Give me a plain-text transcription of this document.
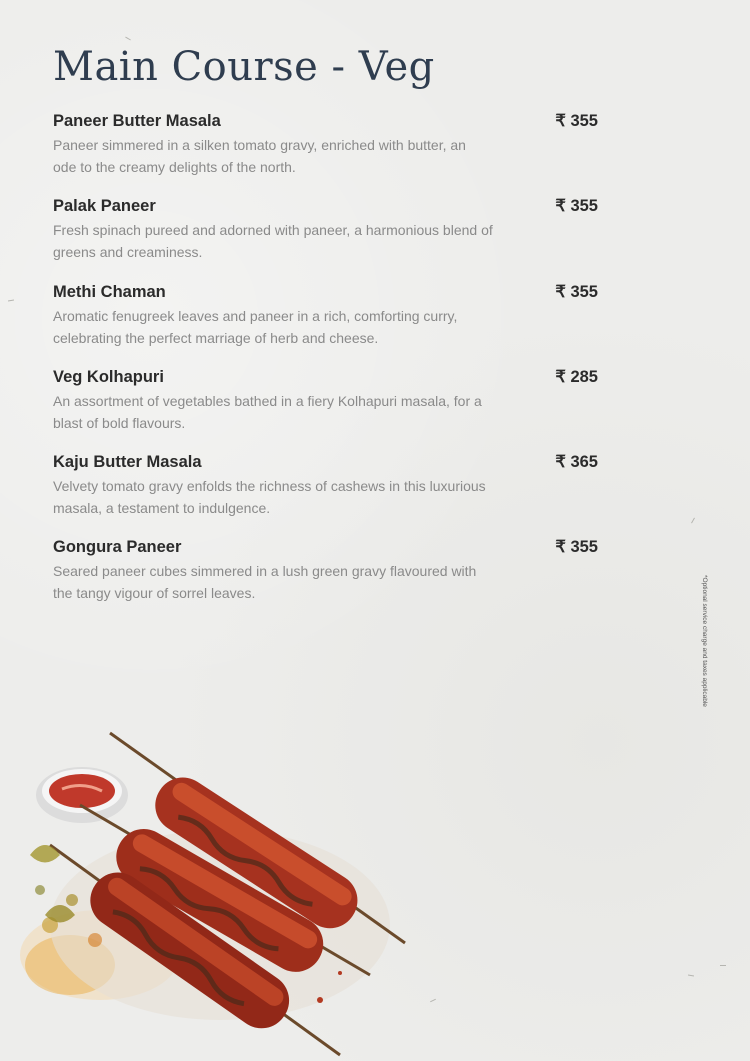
Main Course - Veg

Paneer Butter Masala	₹ 355

Paneer simmered in a silken tomato gravy, enriched with butter, an ode to the creamy delights of the north.

Palak Paneer	₹ 355

Fresh spinach pureed and adorned with paneer, a harmonious blend of greens and creaminess.

Methi Chaman	₹ 355

Aromatic fenugreek leaves and paneer in a rich, comforting curry, celebrating the perfect marriage of herb and cheese.

Veg Kolhapuri	₹ 285

An assortment of vegetables bathed in a fiery Kolhapuri masala, for a blast of bold flavours.

Kaju Butter Masala	₹ 365

Velvety tomato gravy enfolds the richness of cashews in this luxurious masala, a testament to indulgence.

Gongura Paneer	₹ 355

Seared paneer cubes simmered in a lush green gravy flavoured with the tangy vigour of sorrel leaves.	*Optional service charge and taxes applicable
